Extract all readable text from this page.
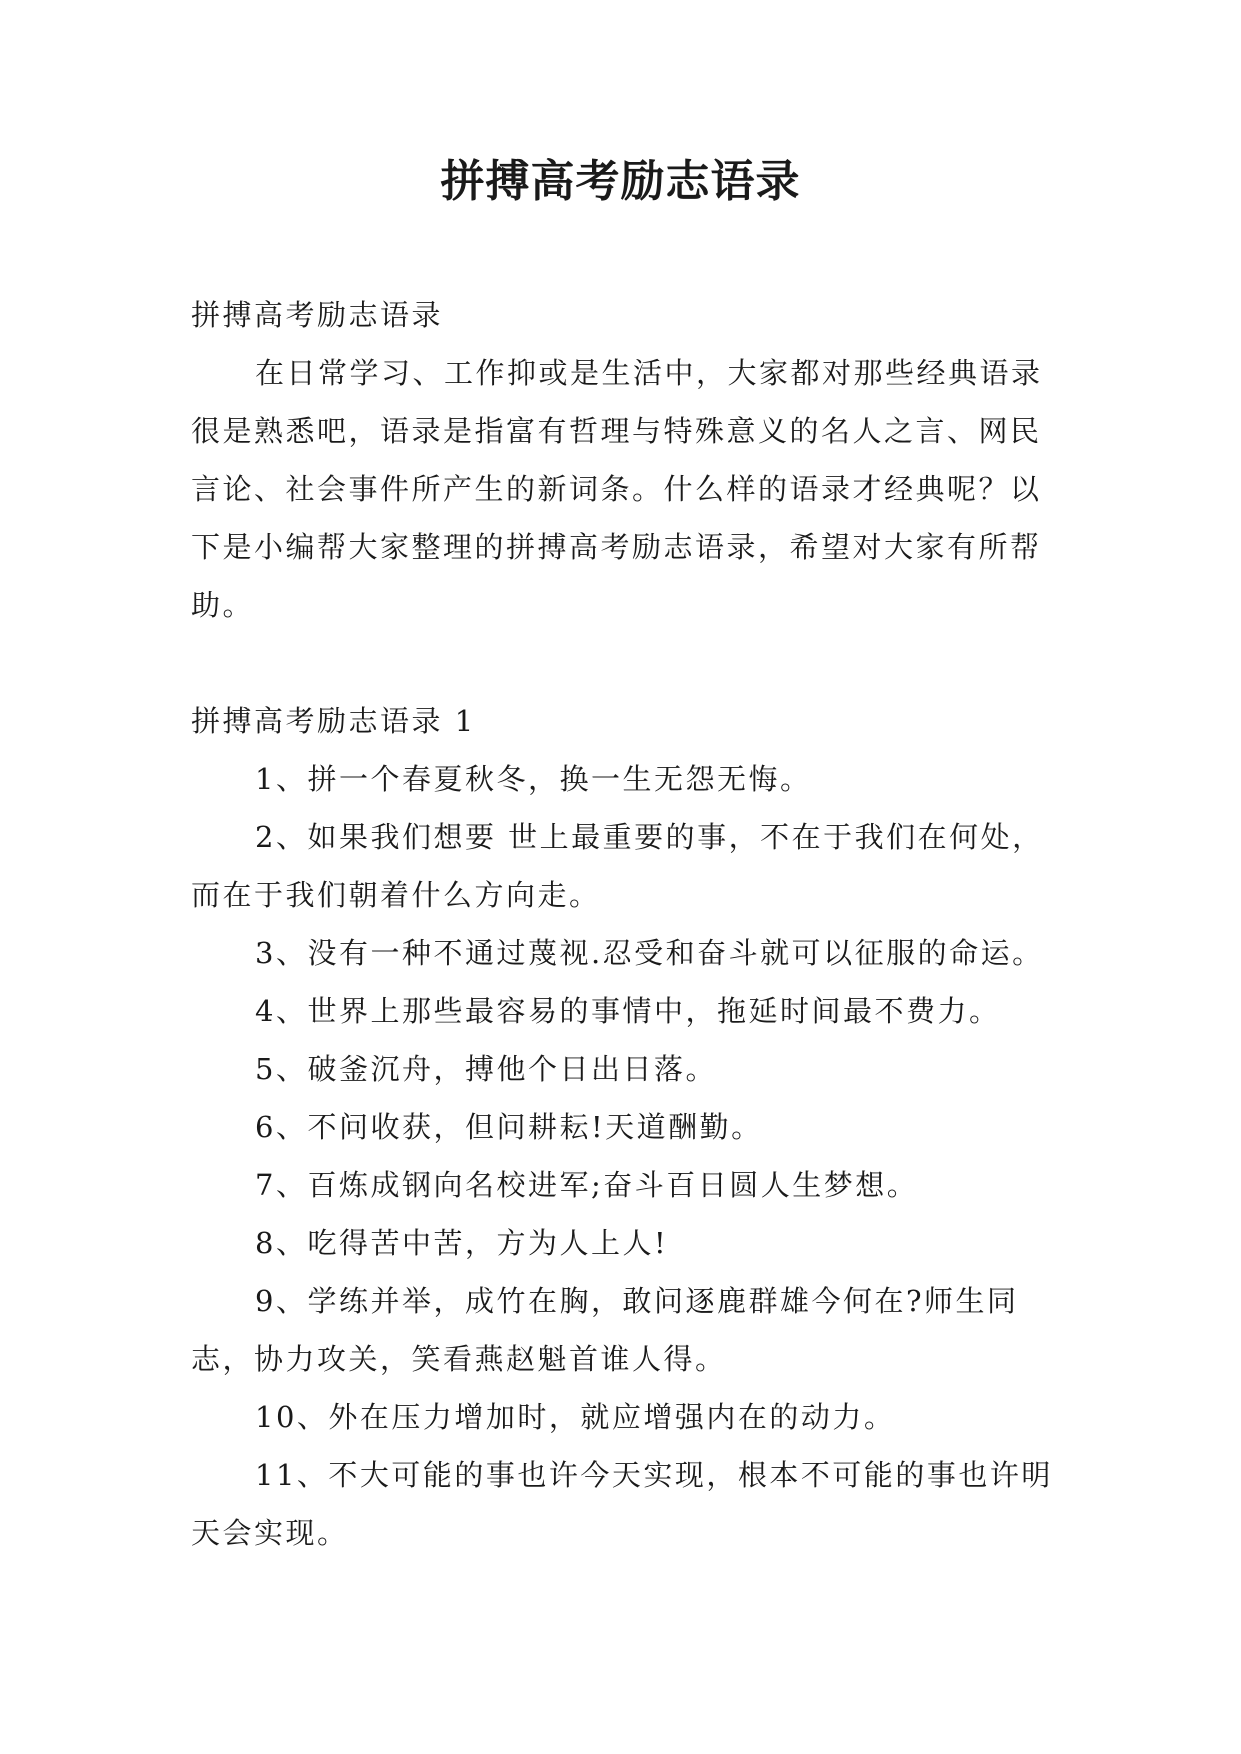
拼搏高考励志语录

拼搏高考励志语录

在日常学习、工作抑或是生活中，大家都对那些经典语录很是熟悉吧，语录是指富有哲理与特殊意义的名人之言、网民言论、社会事件所产生的新词条。什么样的语录才经典呢？以下是小编帮大家整理的拼搏高考励志语录，希望对大家有所帮助。

拼搏高考励志语录 1

1、拼一个春夏秋冬，换一生无怨无悔。

2、如果我们想要 世上最重要的事，不在于我们在何处，而在于我们朝着什么方向走。

3、没有一种不通过蔑视.忍受和奋斗就可以征服的命运。

4、世界上那些最容易的事情中，拖延时间最不费力。

5、破釜沉舟，搏他个日出日落。

6、不问收获，但问耕耘!天道酬勤。

7、百炼成钢向名校进军;奋斗百日圆人生梦想。

8、吃得苦中苦，方为人上人!

9、学练并举，成竹在胸，敢问逐鹿群雄今何在?师生同志，协力攻关，笑看燕赵魁首谁人得。

10、外在压力增加时，就应增强内在的动力。

11、不大可能的事也许今天实现，根本不可能的事也许明天会实现。
